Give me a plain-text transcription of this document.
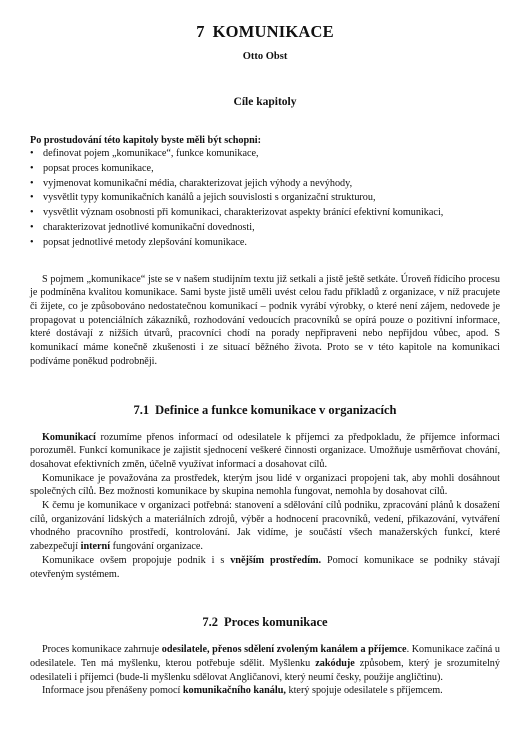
7 KOMUNIKACE
Otto Obst
Cíle kapitoly
Po prostudování této kapitoly byste měli být schopni:
• definovat pojem „komunikace“, funkce komunikace,
• popsat proces komunikace,
• vyjmenovat komunikační média, charakterizovat jejich výhody a nevýhody,
• vysvětlit typy komunikačních kanálů a jejich souvislosti s organizační strukturou,
• vysvětlit význam osobnosti při komunikaci, charakterizovat aspekty bránící efektivní komunikaci,
• charakterizovat jednotlivé komunikační dovednosti,
• popsat jednotlivé metody zlepšování komunikace.

S pojmem „komunikace“ jste se v našem studijním textu již setkali a jistě ještě setkáte. Úroveň řídicího procesu je podmíněna kvalitou komunikace. Sami byste jistě uměli uvést celou řadu příkladů z organizace, v níž pracujete či žijete, co je způsobováno nedostatečnou komunikací – podnik vyrábí výrobky, o které není zájem, nedovede je propagovat u potenciálních zákazníků, rozhodování vedoucích pracovníků se opírá pouze o pozitivní informace, které dostávají z nižších útvarů, pracovníci chodí na porady nepřipraveni nebo nepřijdou vůbec, apod. S komunikací máme konečně zkušenosti i ze situací běžného života. Proto se v této kapitole na komunikaci podíváme poněkud podrobněji.

7.1 Definice a funkce komunikace v organizacích

Komunikací rozumíme přenos informací od odesilatele k příjemci za předpokladu, že příjemce informaci porozuměl. Funkcí komunikace je zajistit sjednocení veškeré činnosti organizace. Umožňuje usměrňovat chování, dosahovat efektivních změn, účelně využívat informací a dosahovat cílů.

Komunikace je považována za prostředek, kterým jsou lidé v organizaci propojeni tak, aby mohli dosáhnout společných cílů. Bez možnosti komunikace by skupina nemohla fungovat, nemohla by dosahovat cílů.

K čemu je komunikace v organizaci potřebná: stanovení a sdělování cílů podniku, zpracování plánů k dosažení cílů, organizování lidských a materiálních zdrojů, výběr a hodnocení pracovníků, vedení, přikazování, vytváření vhodného pracovního prostředí, kontrolování. Jak vidíme, je součástí všech manažerských funkcí, které zabezpečují interní fungování organizace.

Komunikace ovšem propojuje podnik i s vnějším prostředím. Pomocí komunikace se podniky stávají otevřeným systémem.

7.2 Proces komunikace

Proces komunikace zahrnuje odesilatele, přenos sdělení zvoleným kanálem a příjemce. Komunikace začíná u odesilatele. Ten má myšlenku, kterou potřebuje sdělit. Myšlenku zakóduje způsobem, který je srozumitelný odesilateli i příjemci (bude-li myšlenku sdělovat Angličanovi, který neumí česky, použije angličtinu).

Informace jsou přenášeny pomocí komunikačního kanálu, který spojuje odesilatele s příjemcem.
